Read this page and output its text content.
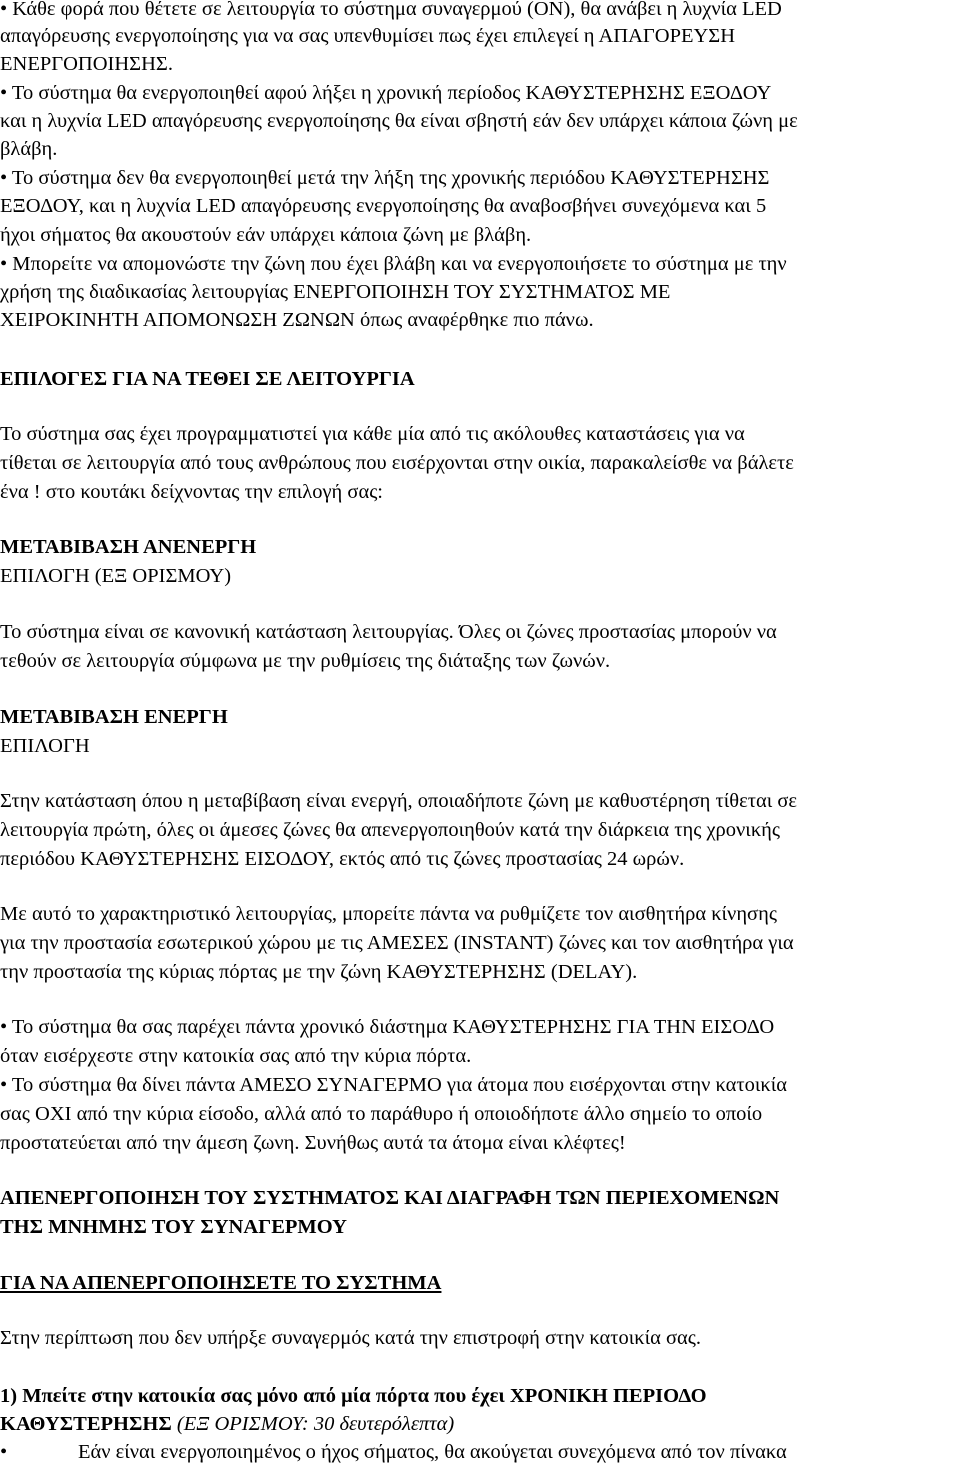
• Κάθε φορά που θέτετε σε λειτουργία το σύστημα συναγερμού (ON), θα ανάβει η λυχνία LED
απαγόρευσης ενεργοποίησης για να σας υπενθυμίσει πως έχει επιλεγεί η ΑΠΑΓΟΡΕΥΣΗ
ΕΝΕΡΓΟΠΟΙΗΣΗΣ.
• Το σύστημα θα ενεργοποιηθεί αφού λήξει η χρονική περίοδος ΚΑΘΥΣΤΕΡΗΣΗΣ ΕΞΟΔΟΥ
και η λυχνία LED απαγόρευσης ενεργοποίησης θα είναι σβηστή εάν δεν υπάρχει κάποια ζώνη με
βλάβη.
• Το σύστημα δεν θα ενεργοποιηθεί μετά την λήξη της χρονικής περιόδου ΚΑΘΥΣΤΕΡΗΣΗΣ
ΕΞΟΔΟΥ, και η λυχνία LED απαγόρευσης ενεργοποίησης θα αναβοσβήνει συνεχόμενα και 5
ήχοι σήματος θα ακουστούν εάν υπάρχει κάποια ζώνη με βλάβη.
• Μπορείτε να απομονώστε την ζώνη που έχει βλάβη και να ενεργοποιήσετε το σύστημα με την
χρήση της διαδικασίας λειτουργίας ΕΝΕΡΓΟΠΟΙΗΣΗ ΤΟΥ ΣΥΣΤΗΜΑΤΟΣ ΜΕ
ΧΕΙΡΟΚΙΝΗΤΗ ΑΠΟΜΟΝΩΣΗ ΖΩΝΩΝ όπως αναφέρθηκε πιο πάνω.
ΕΠΙΛΟΓΕΣ ΓΙΑ ΝΑ ΤΕΘΕΙ ΣΕ ΛΕΙΤΟΥΡΓΙΑ
Το σύστημα σας έχει προγραμματιστεί για κάθε μία από τις ακόλουθες καταστάσεις για να
τίθεται σε λειτουργία από τους ανθρώπους που εισέρχονται στην οικία, παρακαλείσθε να βάλετε
ένα ! στο κουτάκι δείχνοντας την επιλογή σας:
ΜΕΤΑΒΙΒΑΣΗ ΑΝΕΝΕΡΓΗ
ΕΠΙΛΟΓΗ (ΕΞ ΟΡΙΣΜΟΥ)
Το σύστημα είναι σε κανονική κατάσταση λειτουργίας. Όλες οι ζώνες προστασίας μπορούν να
τεθούν σε λειτουργία σύμφωνα με την ρυθμίσεις της διάταξης των ζωνών.
ΜΕΤΑΒΙΒΑΣΗ ΕΝΕΡΓΗ
ΕΠΙΛΟΓΗ
Στην κατάσταση όπου η μεταβίβαση είναι ενεργή, οποιαδήποτε ζώνη με καθυστέρηση τίθεται σε
λειτουργία πρώτη, όλες οι άμεσες ζώνες θα απενεργοποιηθούν κατά την διάρκεια της χρονικής
περιόδου ΚΑΘΥΣΤΕΡΗΣΗΣ ΕΙΣΟΔΟΥ, εκτός από τις ζώνες προστασίας 24 ωρών.
Με αυτό το χαρακτηριστικό λειτουργίας, μπορείτε πάντα να ρυθμίζετε τον αισθητήρα κίνησης
για την προστασία εσωτερικού χώρου με τις ΑΜΕΣΕΣ (INSTANT) ζώνες και τον αισθητήρα για
την προστασία της κύριας πόρτας με την ζώνη ΚΑΘΥΣΤΕΡΗΣΗΣ (DELAY).
• Το σύστημα θα σας παρέχει πάντα χρονικό διάστημα ΚΑΘΥΣΤΕΡΗΣΗΣ ΓΙΑ ΤΗΝ ΕΙΣΟΔΟ
όταν εισέρχεστε στην κατοικία σας από την κύρια πόρτα.
• Το σύστημα θα δίνει πάντα ΑΜΕΣΟ ΣΥΝΑΓΕΡΜΟ για άτομα που εισέρχονται στην κατοικία
σας ΟΧΙ από την κύρια είσοδο, αλλά από το παράθυρο ή οποιοδήποτε άλλο σημείο το οποίο
προστατεύεται από την άμεση ζωνη. Συνήθως αυτά τα άτομα είναι κλέφτες!
ΑΠΕΝΕΡΓΟΠΟΙΗΣΗ ΤΟΥ ΣΥΣΤΗΜΑΤΟΣ ΚΑΙ ΔΙΑΓΡΑΦΗ ΤΩΝ ΠΕΡΙΕΧΟΜΕΝΩΝ
ΤΗΣ ΜΝΗΜΗΣ ΤΟΥ ΣΥΝΑΓΕΡΜΟΥ
ΓΙΑ ΝΑ ΑΠΕΝΕΡΓΟΠΟΙΗΣΕΤΕ ΤΟ ΣΥΣΤΗΜΑ
Στην περίπτωση που δεν υπήρξε συναγερμός κατά την επιστροφή στην κατοικία σας.
1) Μπείτε στην κατοικία σας μόνο από μία πόρτα που έχει ΧΡΟΝΙΚΗ ΠΕΡΙΟΔΟ
ΚΑΘΥΣΤΕΡΗΣΗΣ (ΕΞ ΟΡΙΣΜΟΥ: 30 δευτερόλεπτα)
•	Εάν είναι ενεργοποιημένος ο ήχος σήματος, θα ακούγεται συνεχόμενα από τον πίνακα
